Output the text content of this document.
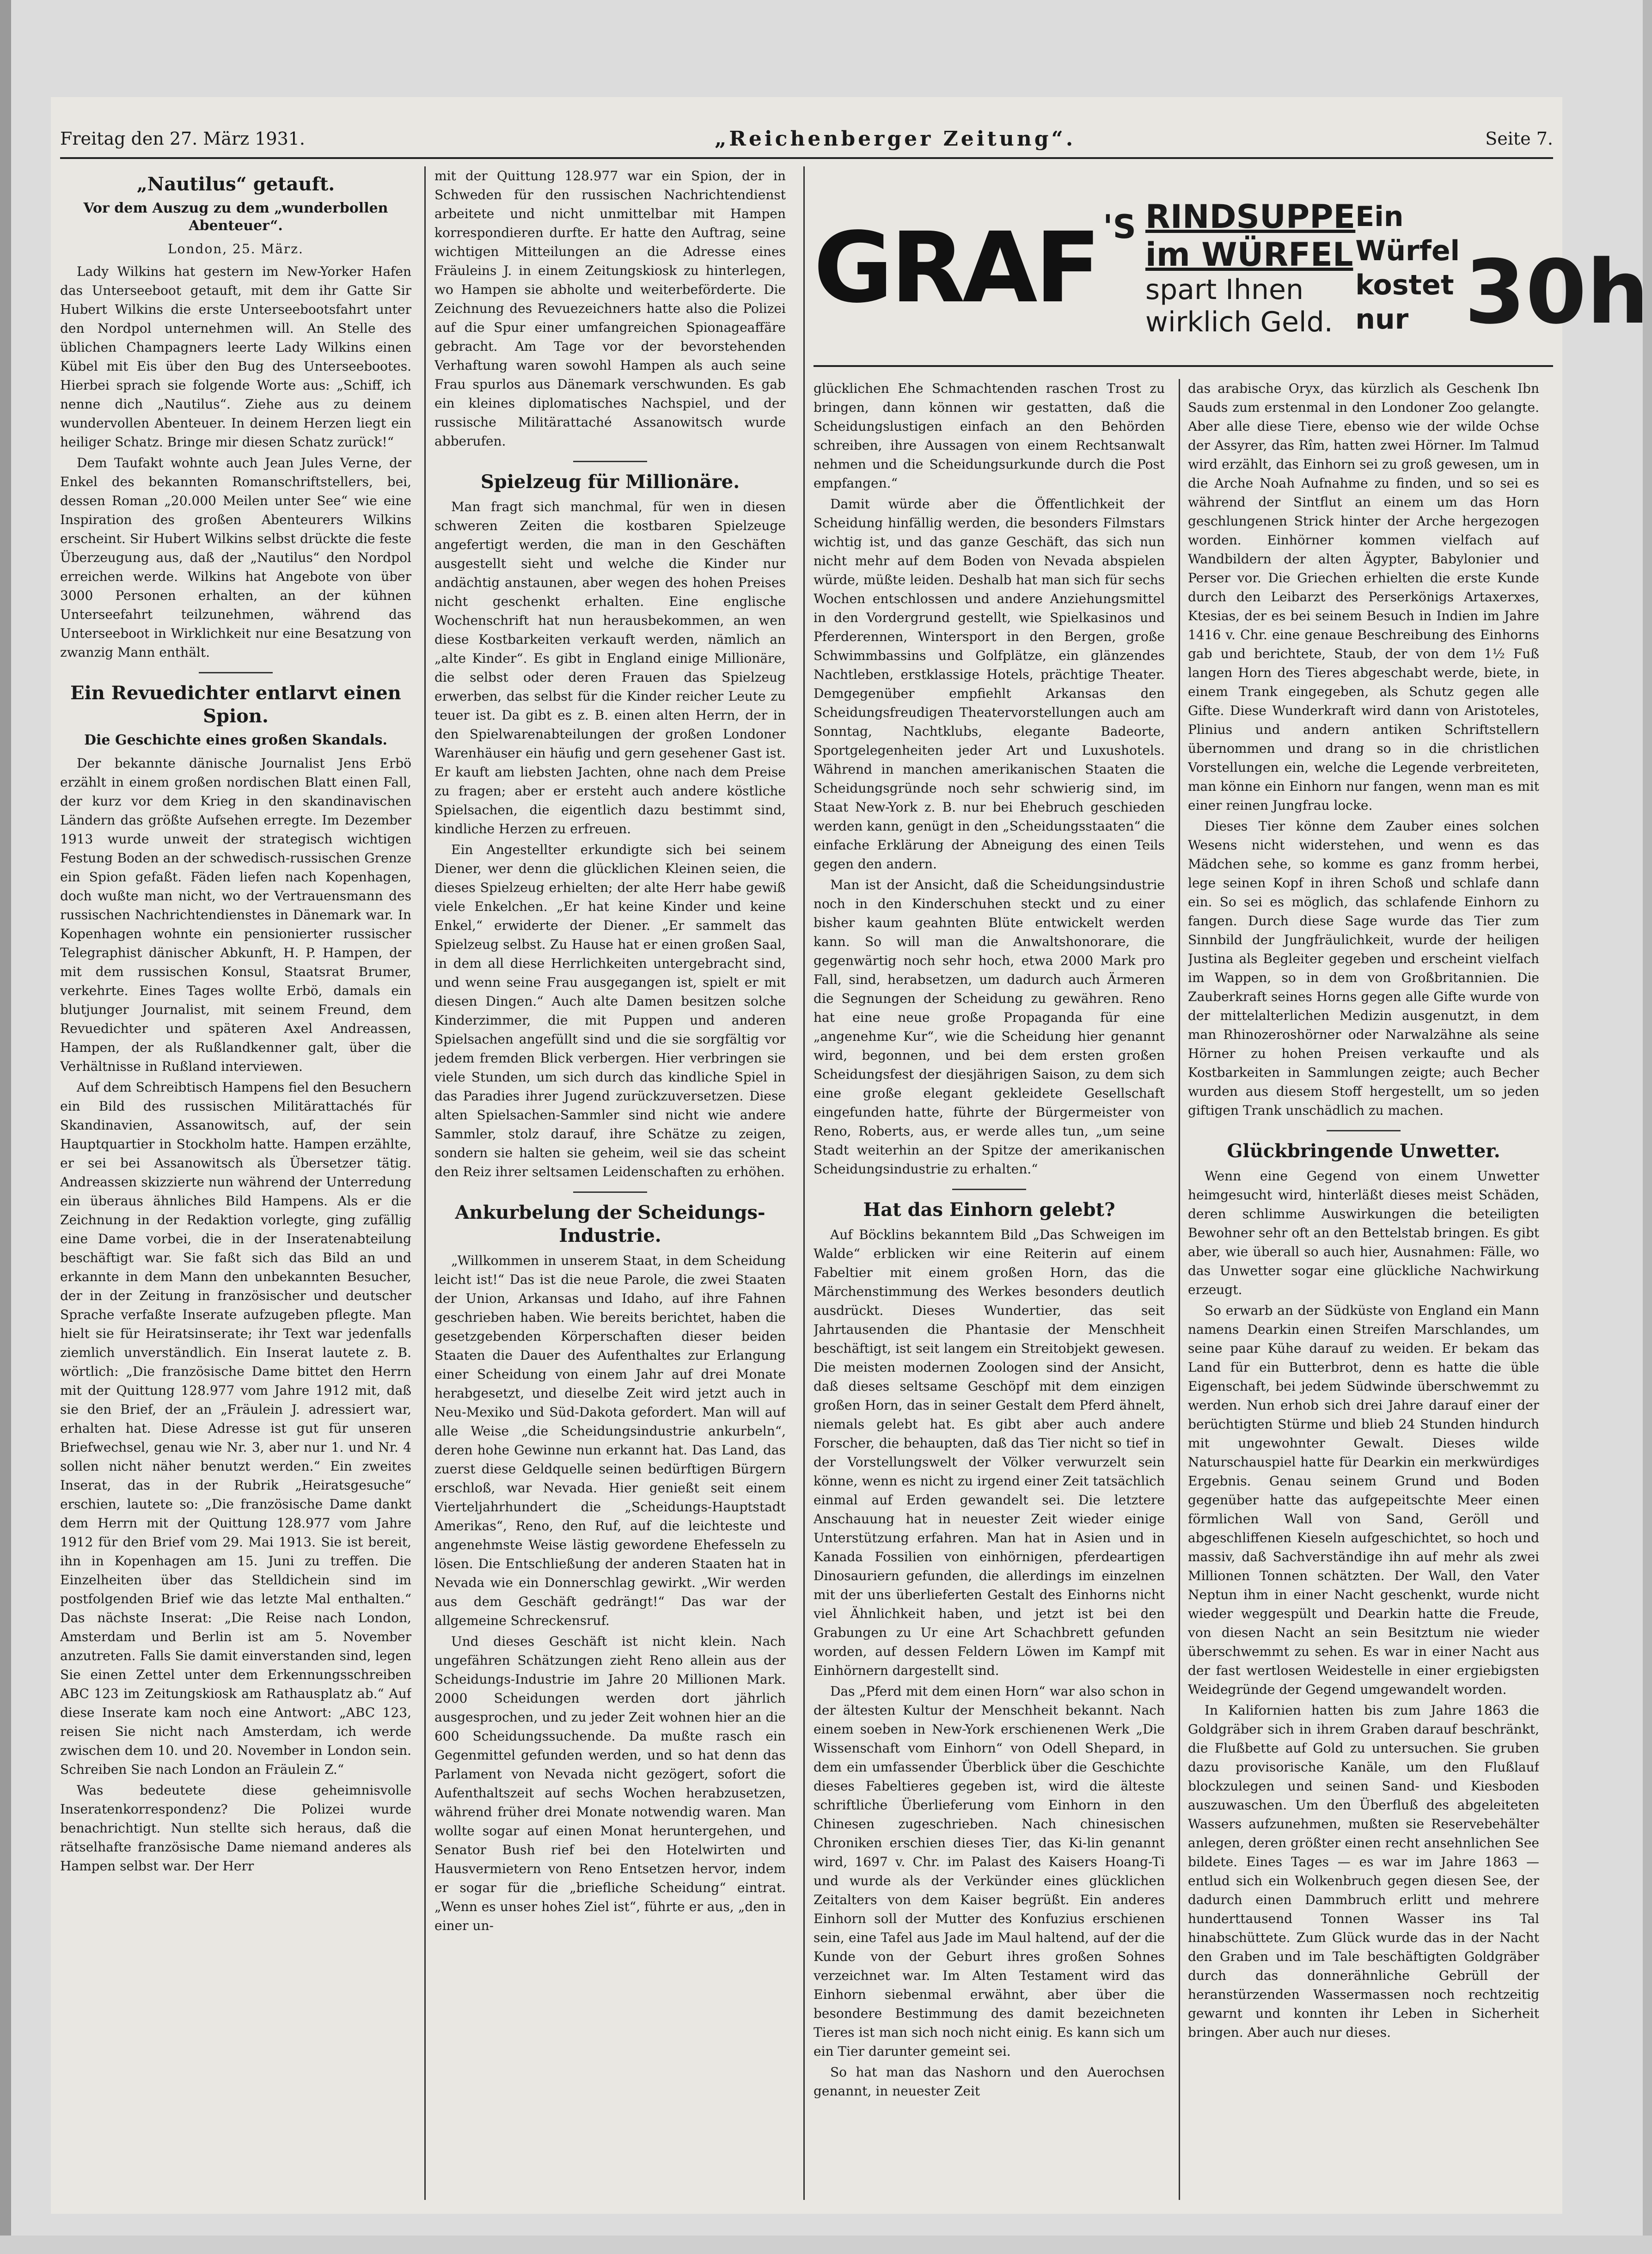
Freitag den 27. März 1931.	„Reichenberger Zeitung“.	Seite 7.
GRAF 'S RINDSUPPE im WÜRFEL
spart Ihnen wirklich Geld.
Ein Würfel
kostet nur 30h
„Nautilus“ getauft.
Vor dem Auszug zu dem „wunderbollen Abenteuer“.

London, 25. März.

Lady Wilkins hat gestern im New-Yorker Hafen das Unterseeboot getauft, mit dem ihr Gatte Sir Hubert Wilkins die erste Unterseebootsfahrt unter den Nordpol unternehmen will. An Stelle des üblichen Champagners leerte Lady Wilkins einen Kübel mit Eis über den Bug des Unterseebootes. Hierbei sprach sie folgende Worte aus: „Schiff, ich nenne dich „Nautilus“. Ziehe aus zu deinem wundervollen Abenteuer. In deinem Herzen liegt ein heiliger Schatz. Bringe mir diesen Schatz zurück!“

Dem Taufakt wohnte auch Jean Jules Verne, der Enkel des bekannten Romanschriftstellers, bei, dessen Roman „20.000 Meilen unter See“ wie eine Inspiration des großen Abenteurers Wilkins erscheint. Sir Hubert Wilkins selbst drückte die feste Überzeugung aus, daß der „Nautilus“ den Nordpol erreichen werde. Wilkins hat Angebote von über 3000 Personen erhalten, an der kühnen Unterseefahrt teilzunehmen, während das Unterseeboot in Wirklichkeit nur eine Besatzung von zwanzig Mann enthält.

Ein Revuedichter entlarvt einen Spion.
Die Geschichte eines großen Skandals.

Der bekannte dänische Journalist Jens Erbö erzählt in einem großen nordischen Blatt einen Fall, der kurz vor dem Krieg in den skandinavischen Ländern das größte Aufsehen erregte. Im Dezember 1913 wurde unweit der strategisch wichtigen Festung Boden an der schwedisch-russischen Grenze ein Spion gefaßt. Fäden liefen nach Kopenhagen, doch wußte man nicht, wo der Vertrauensmann des russischen Nachrichtendienstes in Dänemark war. In Kopenhagen wohnte ein pensionierter russischer Telegraphist dänischer Abkunft, H. P. Hampen, der mit dem russischen Konsul, Staatsrat Brumer, verkehrte. Eines Tages wollte Erbö, damals ein blutjunger Journalist, mit seinem Freund, dem Revuedichter und späteren Axel Andreassen, Hampen, der als Rußlandkenner galt, über die Verhältnisse in Rußland interviewen.

Auf dem Schreibtisch Hampens fiel den Besuchern ein Bild des russischen Militärattachés für Skandinavien, Assanowitsch, auf, der sein Hauptquartier in Stockholm hatte. Hampen erzählte, er sei bei Assanowitsch als Übersetzer tätig. Andreassen skizzierte nun während der Unterredung ein überaus ähnliches Bild Hampens. Als er die Zeichnung in der Redaktion vorlegte, ging zufällig eine Dame vorbei, die in der Inseratenabteilung beschäftigt war. Sie faßt sich das Bild an und erkannte in dem Mann den unbekannten Besucher, der in der Zeitung in französischer und deutscher Sprache verfaßte Inserate aufzugeben pflegte. Man hielt sie für Heiratsinserate; ihr Text war jedenfalls ziemlich unverständlich. Ein Inserat lautete z. B. wörtlich: „Die französische Dame bittet den Herrn mit der Quittung 128.977 vom Jahre 1912 mit, daß sie den Brief, der an „Fräulein J. adressiert war, erhalten hat. Diese Adresse ist gut für unseren Briefwechsel, genau wie Nr. 3, aber nur 1. und Nr. 4 sollen nicht näher benutzt werden.“ Ein zweites Inserat, das in der Rubrik „Heiratsgesuche“ erschien, lautete so: „Die französische Dame dankt dem Herrn mit der Quittung 128.977 vom Jahre 1912 für den Brief vom 29. Mai 1913. Sie ist bereit, ihn in Kopenhagen am 15. Juni zu treffen. Die Einzelheiten über das Stelldichein sind im postfolgenden Brief wie das letzte Mal enthalten.“ Das nächste Inserat: „Die Reise nach London, Amsterdam und Berlin ist am 5. November anzutreten. Falls Sie damit einverstanden sind, legen Sie einen Zettel unter dem Erkennungsschreiben ABC 123 im Zeitungskiosk am Rathausplatz ab.“ Auf diese Inserate kam noch eine Antwort: „ABC 123, reisen Sie nicht nach Amsterdam, ich werde zwischen dem 10. und 20. November in London sein. Schreiben Sie nach London an Fräulein Z.“

Was bedeutete diese geheimnisvolle Inseratenkorrespondenz? Die Polizei wurde benachrichtigt. Nun stellte sich heraus, daß die rätselhafte französische Dame niemand anderes als Hampen selbst war. Der Herr

mit der Quittung 128.977 war ein Spion, der in Schweden für den russischen Nachrichtendienst arbeitete und nicht unmittelbar mit Hampen korrespondieren durfte. Er hatte den Auftrag, seine wichtigen Mitteilungen an die Adresse eines Fräuleins J. in einem Zeitungskiosk zu hinterlegen, wo Hampen sie abholte und weiterbeförderte. Die Zeichnung des Revuezeichners hatte also die Polizei auf die Spur einer umfangreichen Spionageaffäre gebracht. Am Tage vor der bevorstehenden Verhaftung waren sowohl Hampen als auch seine Frau spurlos aus Dänemark verschwunden. Es gab ein kleines diplomatisches Nachspiel, und der russische Militärattaché Assanowitsch wurde abberufen.

Spielzeug für Millionäre.

Man fragt sich manchmal, für wen in diesen schweren Zeiten die kostbaren Spielzeuge angefertigt werden, die man in den Geschäften ausgestellt sieht und welche die Kinder nur andächtig anstaunen, aber wegen des hohen Preises nicht geschenkt erhalten. Eine englische Wochenschrift hat nun herausbekommen, an wen diese Kostbarkeiten verkauft werden, nämlich an „alte Kinder“. Es gibt in England einige Millionäre, die selbst oder deren Frauen das Spielzeug erwerben, das selbst für die Kinder reicher Leute zu teuer ist. Da gibt es z. B. einen alten Herrn, der in den Spielwarenabteilungen der großen Londoner Warenhäuser ein häufig und gern gesehener Gast ist. Er kauft am liebsten Jachten, ohne nach dem Preise zu fragen; aber er ersteht auch andere köstliche Spielsachen, die eigentlich dazu bestimmt sind, kindliche Herzen zu erfreuen.

Ein Angestellter erkundigte sich bei seinem Diener, wer denn die glücklichen Kleinen seien, die dieses Spielzeug erhielten; der alte Herr habe gewiß viele Enkelchen. „Er hat keine Kinder und keine Enkel,“ erwiderte der Diener. „Er sammelt das Spielzeug selbst. Zu Hause hat er einen großen Saal, in dem all diese Herrlichkeiten untergebracht sind, und wenn seine Frau ausgegangen ist, spielt er mit diesen Dingen.“ Auch alte Damen besitzen solche Kinderzimmer, die mit Puppen und anderen Spielsachen angefüllt sind und die sie sorgfältig vor jedem fremden Blick verbergen. Hier verbringen sie viele Stunden, um sich durch das kindliche Spiel in das Paradies ihrer Jugend zurückzuversetzen. Diese alten Spielsachen-Sammler sind nicht wie andere Sammler, stolz darauf, ihre Schätze zu zeigen, sondern sie halten sie geheim, weil sie das scheint den Reiz ihrer seltsamen Leidenschaften zu erhöhen.

Ankurbelung der Scheidungs-Industrie.

„Willkommen in unserem Staat, in dem Scheidung leicht ist!“ Das ist die neue Parole, die zwei Staaten der Union, Arkansas und Idaho, auf ihre Fahnen geschrieben haben. Wie bereits berichtet, haben die gesetzgebenden Körperschaften dieser beiden Staaten die Dauer des Aufenthaltes zur Erlangung einer Scheidung von einem Jahr auf drei Monate herabgesetzt, und dieselbe Zeit wird jetzt auch in Neu-Mexiko und Süd-Dakota gefordert. Man will auf alle Weise „die Scheidungsindustrie ankurbeln“, deren hohe Gewinne nun erkannt hat. Das Land, das zuerst diese Geldquelle seinen bedürftigen Bürgern erschloß, war Nevada. Hier genießt seit einem Vierteljahrhundert die „Scheidungs-Hauptstadt Amerikas“, Reno, den Ruf, auf die leichteste und angenehmste Weise lästig gewordene Ehefesseln zu lösen. Die Entschließung der anderen Staaten hat in Nevada wie ein Donnerschlag gewirkt. „Wir werden aus dem Geschäft gedrängt!“ Das war der allgemeine Schreckensruf.

Und dieses Geschäft ist nicht klein. Nach ungefähren Schätzungen zieht Reno allein aus der Scheidungs-Industrie im Jahre 20 Millionen Mark. 2000 Scheidungen werden dort jährlich ausgesprochen, und zu jeder Zeit wohnen hier an die 600 Scheidungssuchende. Da mußte rasch ein Gegenmittel gefunden werden, und so hat denn das Parlament von Nevada nicht gezögert, sofort die Aufenthaltszeit auf sechs Wochen herabzusetzen, während früher drei Monate notwendig waren. Man wollte sogar auf einen Monat heruntergehen, und Senator Bush rief bei den Hotelwirten und Hausvermietern von Reno Entsetzen hervor, indem er sogar für die „briefliche Scheidung“ eintrat. „Wenn es unser hohes Ziel ist“, führte er aus, „den in einer un-

glücklichen Ehe Schmachtenden raschen Trost zu bringen, dann können wir gestatten, daß die Scheidungslustigen einfach an den Behörden schreiben, ihre Aussagen von einem Rechtsanwalt nehmen und die Scheidungsurkunde durch die Post empfangen.“

Damit würde aber die Öffentlichkeit der Scheidung hinfällig werden, die besonders Filmstars wichtig ist, und das ganze Geschäft, das sich nun nicht mehr auf dem Boden von Nevada abspielen würde, müßte leiden. Deshalb hat man sich für sechs Wochen entschlossen und andere Anziehungsmittel in den Vordergrund gestellt, wie Spielkasinos und Pferderennen, Wintersport in den Bergen, große Schwimmbassins und Golfplätze, ein glänzendes Nachtleben, erstklassige Hotels, prächtige Theater. Demgegenüber empfiehlt Arkansas den Scheidungsfreudigen Theatervorstellungen auch am Sonntag, Nachtklubs, elegante Badeorte, Sportgelegenheiten jeder Art und Luxushotels. Während in manchen amerikanischen Staaten die Scheidungsgründe noch sehr schwierig sind, im Staat New-York z. B. nur bei Ehebruch geschieden werden kann, genügt in den „Scheidungsstaaten“ die einfache Erklärung der Abneigung des einen Teils gegen den andern.

Man ist der Ansicht, daß die Scheidungsindustrie noch in den Kinderschuhen steckt und zu einer bisher kaum geahnten Blüte entwickelt werden kann. So will man die Anwaltshonorare, die gegenwärtig noch sehr hoch, etwa 2000 Mark pro Fall, sind, herabsetzen, um dadurch auch Ärmeren die Segnungen der Scheidung zu gewähren. Reno hat eine neue große Propaganda für eine „angenehme Kur“, wie die Scheidung hier genannt wird, begonnen, und bei dem ersten großen Scheidungsfest der diesjährigen Saison, zu dem sich eine große elegant gekleidete Gesellschaft eingefunden hatte, führte der Bürgermeister von Reno, Roberts, aus, er werde alles tun, „um seine Stadt weiterhin an der Spitze der amerikanischen Scheidungsindustrie zu erhalten.“

Hat das Einhorn gelebt?

Auf Böcklins bekanntem Bild „Das Schweigen im Walde“ erblicken wir eine Reiterin auf einem Fabeltier mit einem großen Horn, das die Märchenstimmung des Werkes besonders deutlich ausdrückt. Dieses Wundertier, das seit Jahrtausenden die Phantasie der Menschheit beschäftigt, ist seit langem ein Streitobjekt gewesen. Die meisten modernen Zoologen sind der Ansicht, daß dieses seltsame Geschöpf mit dem einzigen großen Horn, das in seiner Gestalt dem Pferd ähnelt, niemals gelebt hat. Es gibt aber auch andere Forscher, die behaupten, daß das Tier nicht so tief in der Vorstellungswelt der Völker verwurzelt sein könne, wenn es nicht zu irgend einer Zeit tatsächlich einmal auf Erden gewandelt sei. Die letztere Anschauung hat in neuester Zeit wieder einige Unterstützung erfahren. Man hat in Asien und in Kanada Fossilien von einhörnigen, pferdeartigen Dinosauriern gefunden, die allerdings im einzelnen mit der uns überlieferten Gestalt des Einhorns nicht viel Ähnlichkeit haben, und jetzt ist bei den Grabungen zu Ur eine Art Schachbrett gefunden worden, auf dessen Feldern Löwen im Kampf mit Einhörnern dargestellt sind.

Das „Pferd mit dem einen Horn“ war also schon in der ältesten Kultur der Menschheit bekannt. Nach einem soeben in New-York erschienenen Werk „Die Wissenschaft vom Einhorn“ von Odell Shepard, in dem ein umfassender Überblick über die Geschichte dieses Fabeltieres gegeben ist, wird die älteste schriftliche Überlieferung vom Einhorn in den Chinesen zugeschrieben. Nach chinesischen Chroniken erschien dieses Tier, das Ki-lin genannt wird, 1697 v. Chr. im Palast des Kaisers Hoang-Ti und wurde als der Verkünder eines glücklichen Zeitalters von dem Kaiser begrüßt. Ein anderes Einhorn soll der Mutter des Konfuzius erschienen sein, eine Tafel aus Jade im Maul haltend, auf der die Kunde von der Geburt ihres großen Sohnes verzeichnet war. Im Alten Testament wird das Einhorn siebenmal erwähnt, aber über die besondere Bestimmung des damit bezeichneten Tieres ist man sich noch nicht einig. Es kann sich um ein Tier darunter gemeint sei.

So hat man das Nashorn und den Auerochsen genannt, in neuester Zeit

das arabische Oryx, das kürzlich als Geschenk Ibn Sauds zum erstenmal in den Londoner Zoo gelangte. Aber alle diese Tiere, ebenso wie der wilde Ochse der Assyrer, das Rîm, hatten zwei Hörner. Im Talmud wird erzählt, das Einhorn sei zu groß gewesen, um in die Arche Noah Aufnahme zu finden, und so sei es während der Sintflut an einem um das Horn geschlungenen Strick hinter der Arche hergezogen worden. Einhörner kommen vielfach auf Wandbildern der alten Ägypter, Babylonier und Perser vor. Die Griechen erhielten die erste Kunde durch den Leibarzt des Perserkönigs Artaxerxes, Ktesias, der es bei seinem Besuch in Indien im Jahre 1416 v. Chr. eine genaue Beschreibung des Einhorns gab und berichtete, Staub, der von dem 1½ Fuß langen Horn des Tieres abgeschabt werde, biete, in einem Trank eingegeben, als Schutz gegen alle Gifte. Diese Wunderkraft wird dann von Aristoteles, Plinius und andern antiken Schriftstellern übernommen und drang so in die christlichen Vorstellungen ein, welche die Legende verbreiteten, man könne ein Einhorn nur fangen, wenn man es mit einer reinen Jungfrau locke.

Dieses Tier könne dem Zauber eines solchen Wesens nicht widerstehen, und wenn es das Mädchen sehe, so komme es ganz fromm herbei, lege seinen Kopf in ihren Schoß und schlafe dann ein. So sei es möglich, das schlafende Einhorn zu fangen. Durch diese Sage wurde das Tier zum Sinnbild der Jungfräulichkeit, wurde der heiligen Justina als Begleiter gegeben und erscheint vielfach im Wappen, so in dem von Großbritannien. Die Zauberkraft seines Horns gegen alle Gifte wurde von der mittelalterlichen Medizin ausgenutzt, in dem man Rhinozeroshörner oder Narwalzähne als seine Hörner zu hohen Preisen verkaufte und als Kostbarkeiten in Sammlungen zeigte; auch Becher wurden aus diesem Stoff hergestellt, um so jeden giftigen Trank unschädlich zu machen.

Glückbringende Unwetter.

Wenn eine Gegend von einem Unwetter heimgesucht wird, hinterläßt dieses meist Schäden, deren schlimme Auswirkungen die beteiligten Bewohner sehr oft an den Bettelstab bringen. Es gibt aber, wie überall so auch hier, Ausnahmen: Fälle, wo das Unwetter sogar eine glückliche Nachwirkung erzeugt.

So erwarb an der Südküste von England ein Mann namens Dearkin einen Streifen Marschlandes, um seine paar Kühe darauf zu weiden. Er bekam das Land für ein Butterbrot, denn es hatte die üble Eigenschaft, bei jedem Südwinde überschwemmt zu werden. Nun erhob sich drei Jahre darauf einer der berüchtigten Stürme und blieb 24 Stunden hindurch mit ungewohnter Gewalt. Dieses wilde Naturschauspiel hatte für Dearkin ein merkwürdiges Ergebnis. Genau seinem Grund und Boden gegenüber hatte das aufgepeitschte Meer einen förmlichen Wall von Sand, Geröll und abgeschliffenen Kieseln aufgeschichtet, so hoch und massiv, daß Sachverständige ihn auf mehr als zwei Millionen Tonnen schätzten. Der Wall, den Vater Neptun ihm in einer Nacht geschenkt, wurde nicht wieder weggespült und Dearkin hatte die Freude, von diesen Nacht an sein Besitztum nie wieder überschwemmt zu sehen. Es war in einer Nacht aus der fast wertlosen Weidestelle in einer ergiebigsten Weidegründe der Gegend umgewandelt worden.

In Kalifornien hatten bis zum Jahre 1863 die Goldgräber sich in ihrem Graben darauf beschränkt, die Flußbette auf Gold zu untersuchen. Sie gruben dazu provisorische Kanäle, um den Flußlauf blockzulegen und seinen Sand- und Kiesboden auszuwaschen. Um den Überfluß des abgeleiteten Wassers aufzunehmen, mußten sie Reservebehälter anlegen, deren größter einen recht ansehnlichen See bildete. Eines Tages — es war im Jahre 1863 — entlud sich ein Wolkenbruch gegen diesen See, der dadurch einen Dammbruch erlitt und mehrere hunderttausend Tonnen Wasser ins Tal hinabschüttete. Zum Glück wurde das in der Nacht den Graben und im Tale beschäftigten Goldgräber durch das donnerähnliche Gebrüll der heranstürzenden Wassermassen noch rechtzeitig gewarnt und konnten ihr Leben in Sicherheit bringen. Aber auch nur dieses.
